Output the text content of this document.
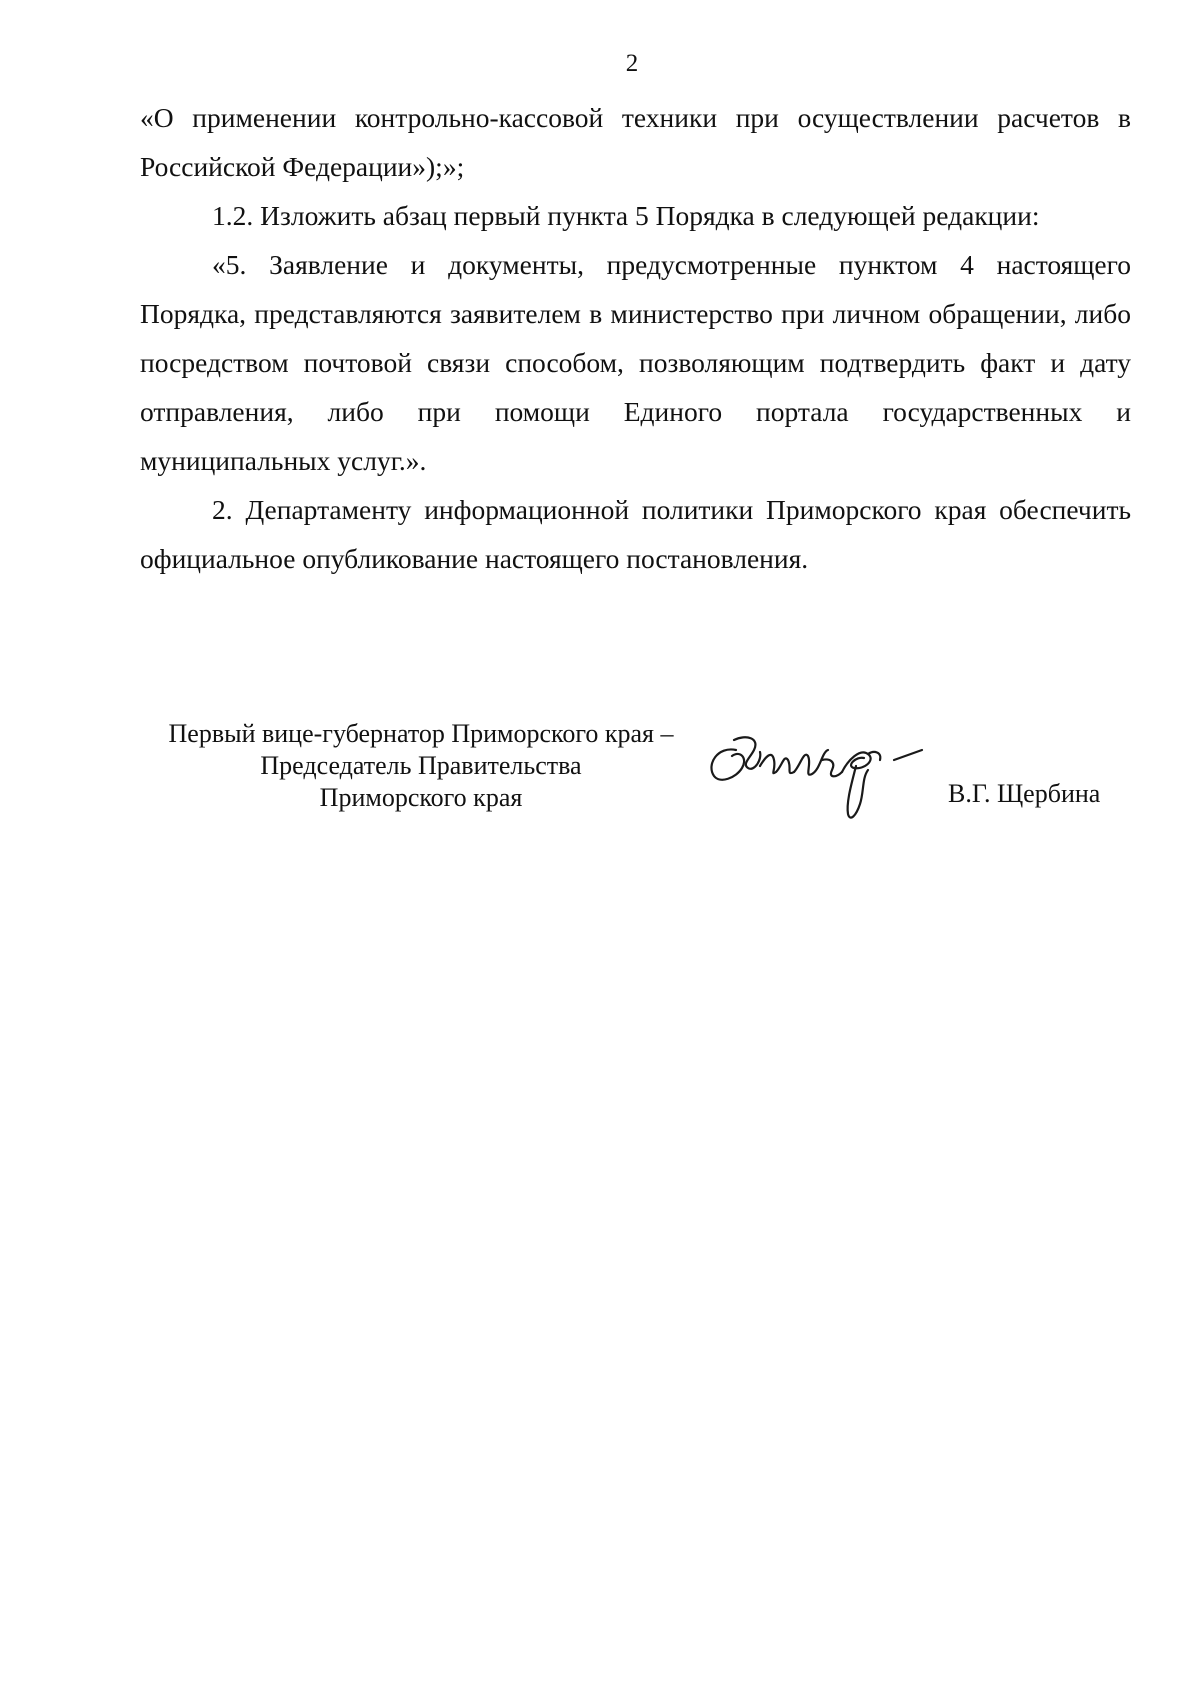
2

«О применении контрольно-кассовой техники при осуществлении расчетов в Российской Федерации»);»;

1.2. Изложить абзац первый пункта 5 Порядка в следующей редакции:

«5. Заявление и документы, предусмотренные пунктом 4 настоящего Порядка, представляются заявителем в министерство при личном обращении, либо посредством почтовой связи способом, позволяющим подтвердить факт и дату отправления, либо при помощи Единого портала государственных и муниципальных услуг.».

2. Департаменту информационной политики Приморского края обеспечить официальное опубликование настоящего постановления.

Первый вице-губернатор Приморского края –
Председатель Правительства
Приморского края	В.Г. Щербина
